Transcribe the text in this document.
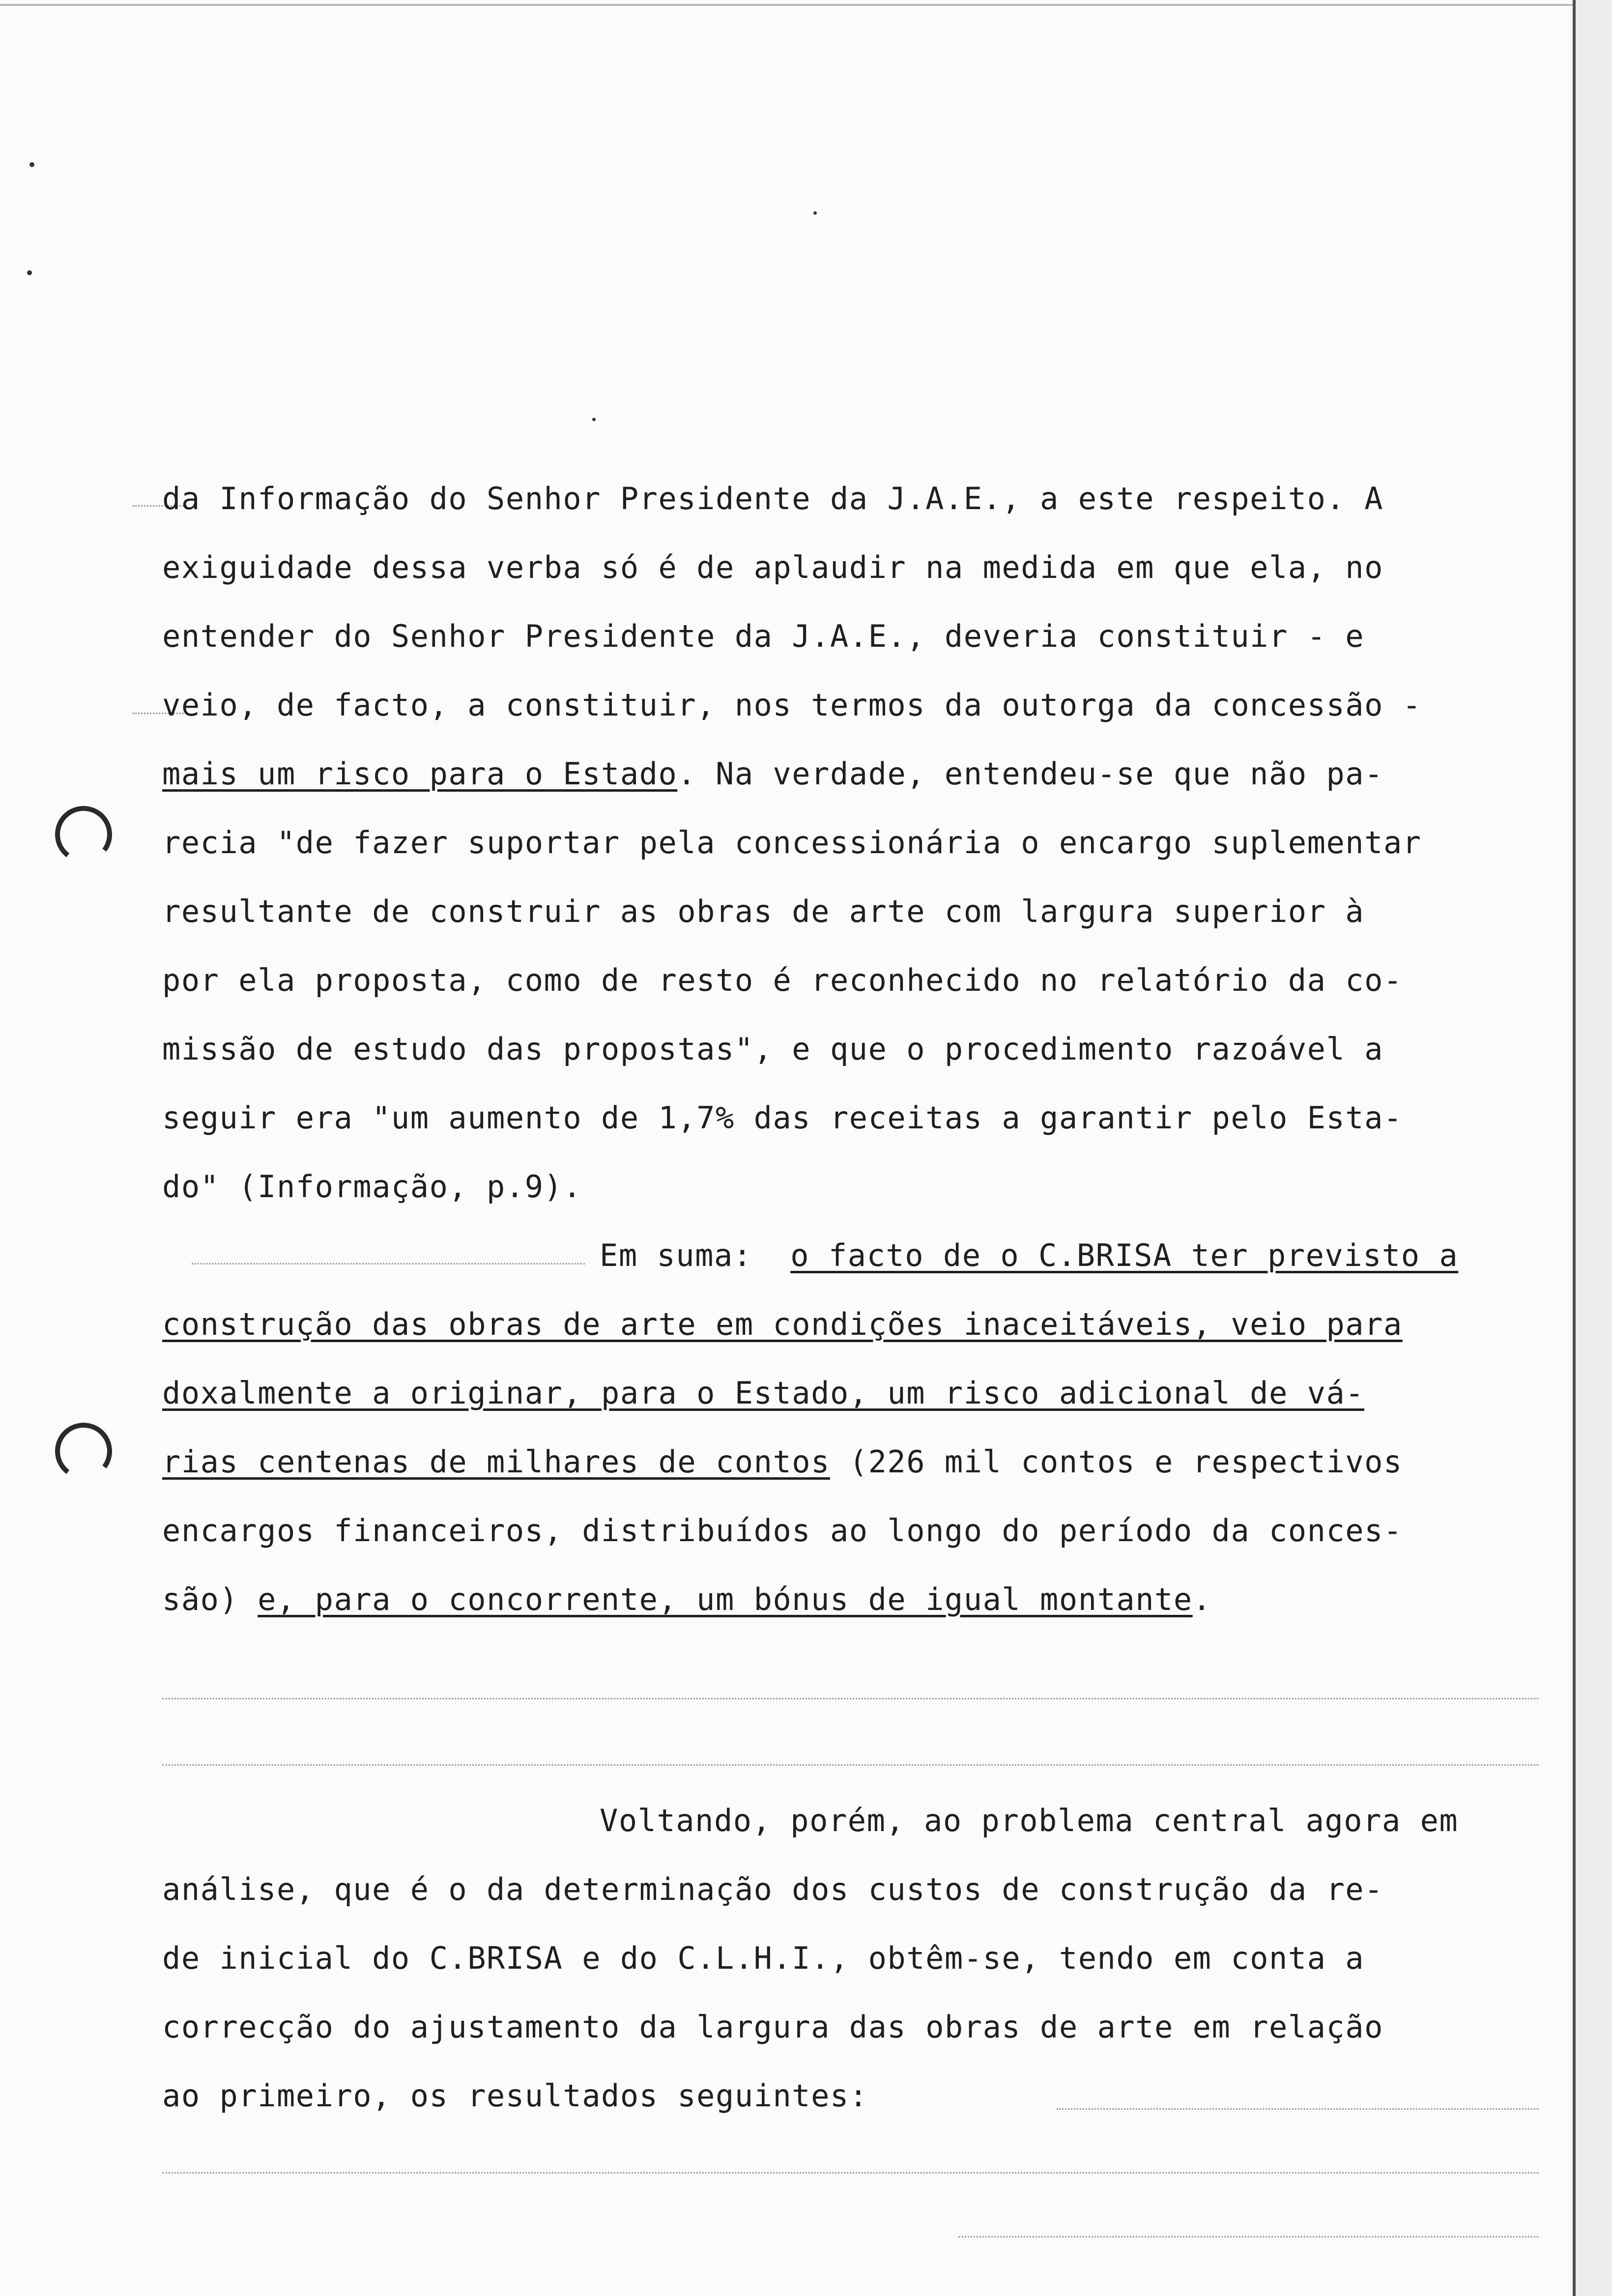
da Informação do Senhor Presidente da J.A.E., a este respeito. A
exiguidade dessa verba só é de aplaudir na medida em que ela, no
entender do Senhor Presidente da J.A.E., deveria constituir - e
veio, de facto, a constituir, nos termos da outorga da concessão -
mais um risco para o Estado. Na verdade, entendeu-se que não pa-
recia "de fazer suportar pela concessionária o encargo suplementar
resultante de construir as obras de arte com largura superior à
por ela proposta, como de resto é reconhecido no relatório da co-
missão de estudo das propostas", e que o procedimento razoável a
seguir era "um aumento de 1,7% das receitas a garantir pelo Esta-
do" (Informação, p.9).
Em suma: o facto de o C.BRISA ter previsto a
construção das obras de arte em condições inaceitáveis, veio para
doxalmente a originar, para o Estado, um risco adicional de vá-
rias centenas de milhares de contos (226 mil contos e respectivos
encargos financeiros, distribuídos ao longo do período da conces-
são) e, para o concorrente, um bónus de igual montante.
Voltando, porém, ao problema central agora em
análise, que é o da determinação dos custos de construção da re-
de inicial do C.BRISA e do C.L.H.I., obtêm-se, tendo em conta a
correcção do ajustamento da largura das obras de arte em relação
ao primeiro, os resultados seguintes:
